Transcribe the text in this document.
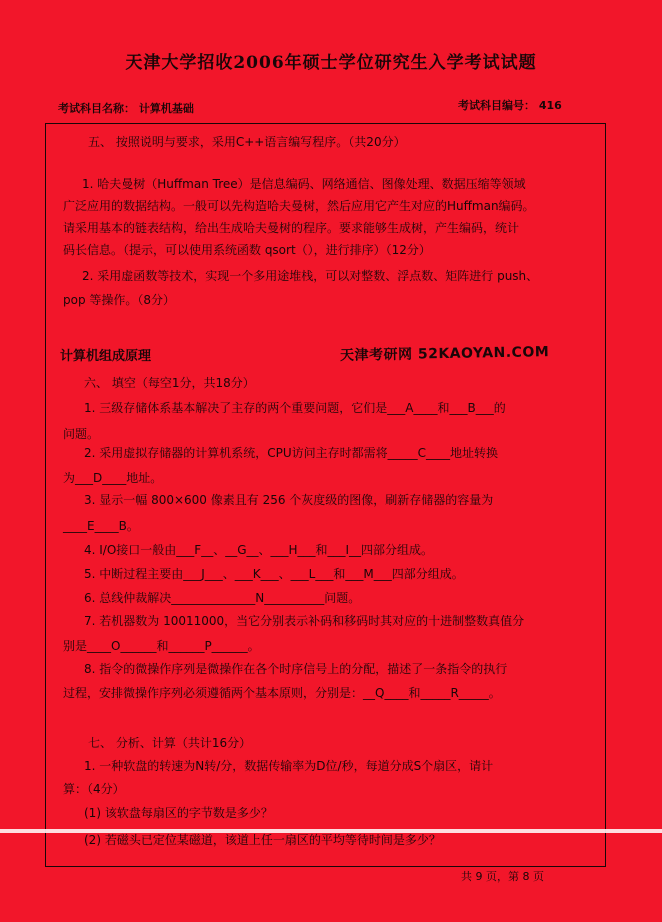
天津大学招收2006年硕士学位研究生入学考试试题
考试科目名称： 计算机基础	考试科目编号： 416
五、 按照说明与要求，采用C++语言编写程序。（共20分）
1. 哈夫曼树（Huffman Tree）是信息编码、网络通信、图像处理、数据压缩等领域
广泛应用的数据结构。一般可以先构造哈夫曼树，然后应用它产生对应的Huffman编码。
请采用基本的链表结构，给出生成哈夫曼树的程序。要求能够生成树，产生编码，统计
码长信息。（提示，可以使用系统函数 qsort（），进行排序）（12分）
2. 采用虚函数等技术，实现一个多用途堆栈，可以对整数、浮点数、矩阵进行 push、
pop 等操作。（8分）
计算机组成原理	天津考研网 52KAOYAN.COM
六、 填空（每空1分，共18分）
1. 三级存储体系基本解决了主存的两个重要问题，它们是___A____和___B___的
问题。
2. 采用虚拟存储器的计算机系统，CPU访问主存时都需将_____C____地址转换
为___D____地址。
3. 显示一幅 800×600 像素且有 256 个灰度级的图像，刷新存储器的容量为
____E____B。
4. I/O接口一般由___F__、__G__、___H___和___I__四部分组成。
5. 中断过程主要由___J___、___K___、___L___和___M___四部分组成。
6. 总线仲裁解决______________N__________问题。
7. 若机器数为 10011000，当它分别表示补码和移码时其对应的十进制整数真值分
别是____O______和______P______。
8. 指令的微操作序列是微操作在各个时序信号上的分配，描述了一条指令的执行
过程，安排微操作序列必须遵循两个基本原则，分别是：__Q____和_____R_____。
七、 分析、计算（共计16分）
1. 一种软盘的转速为N转/分，数据传输率为D位/秒，每道分成S个扇区，请计
算：（4分）
(1) 该软盘每扇区的字节数是多少？
(2) 若磁头已定位某磁道，该道上任一扇区的平均等待时间是多少？
共 9 页，第 8 页
